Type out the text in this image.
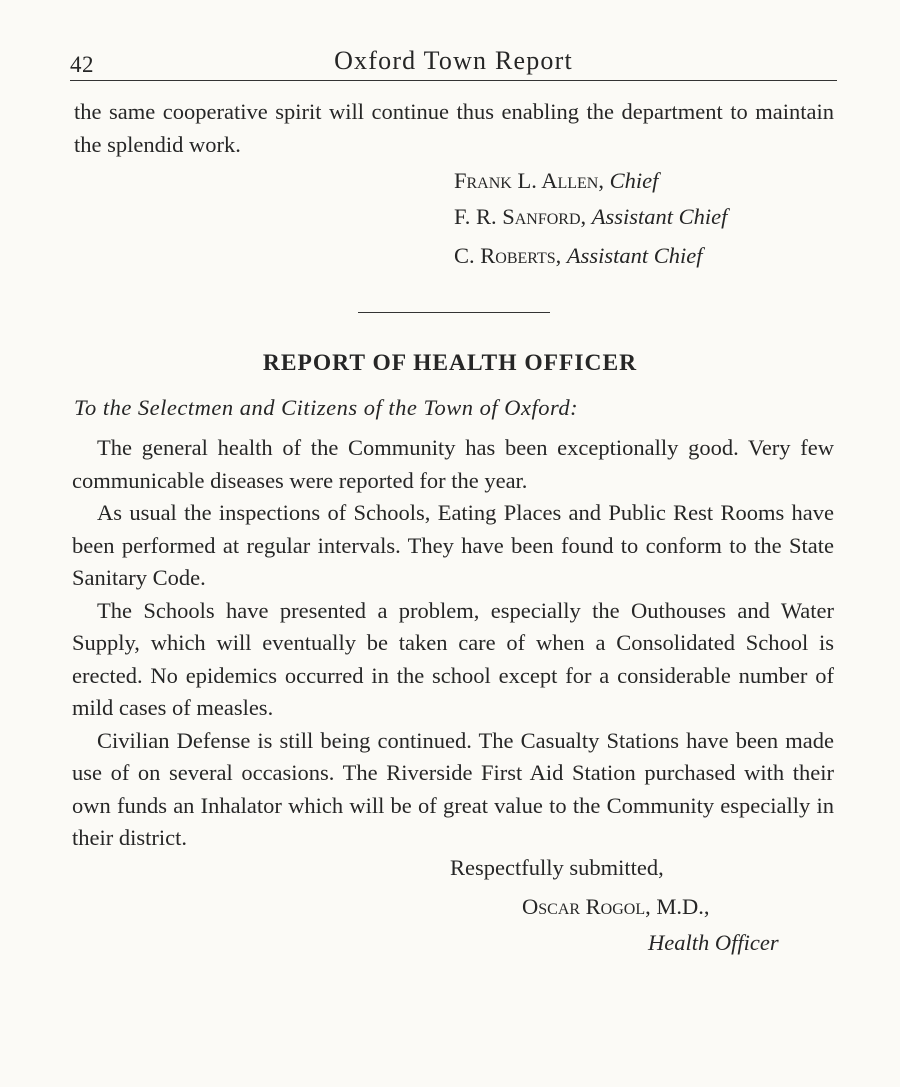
42	Oxford Town Report

the same cooperative spirit will continue thus enabling the department to maintain the splendid work.

Frank L. Allen, Chief
F. R. Sanford, Assistant Chief
C. Roberts, Assistant Chief
REPORT OF HEALTH OFFICER
To the Selectmen and Citizens of the Town of Oxford:

The general health of the Community has been exceptionally good. Very few communicable diseases were reported for the year.

As usual the inspections of Schools, Eating Places and Public Rest Rooms have been performed at regular intervals. They have been found to conform to the State Sanitary Code.

The Schools have presented a problem, especially the Outhouses and Water Supply, which will eventually be taken care of when a Consolidated School is erected. No epidemics occurred in the school except for a considerable number of mild cases of measles.

Civilian Defense is still being continued. The Casualty Stations have been made use of on several occasions. The Riverside First Aid Station purchased with their own funds an Inhalator which will be of great value to the Community especially in their district.

Respectfully submitted,
Oscar Rogol, M.D.,
Health Officer
